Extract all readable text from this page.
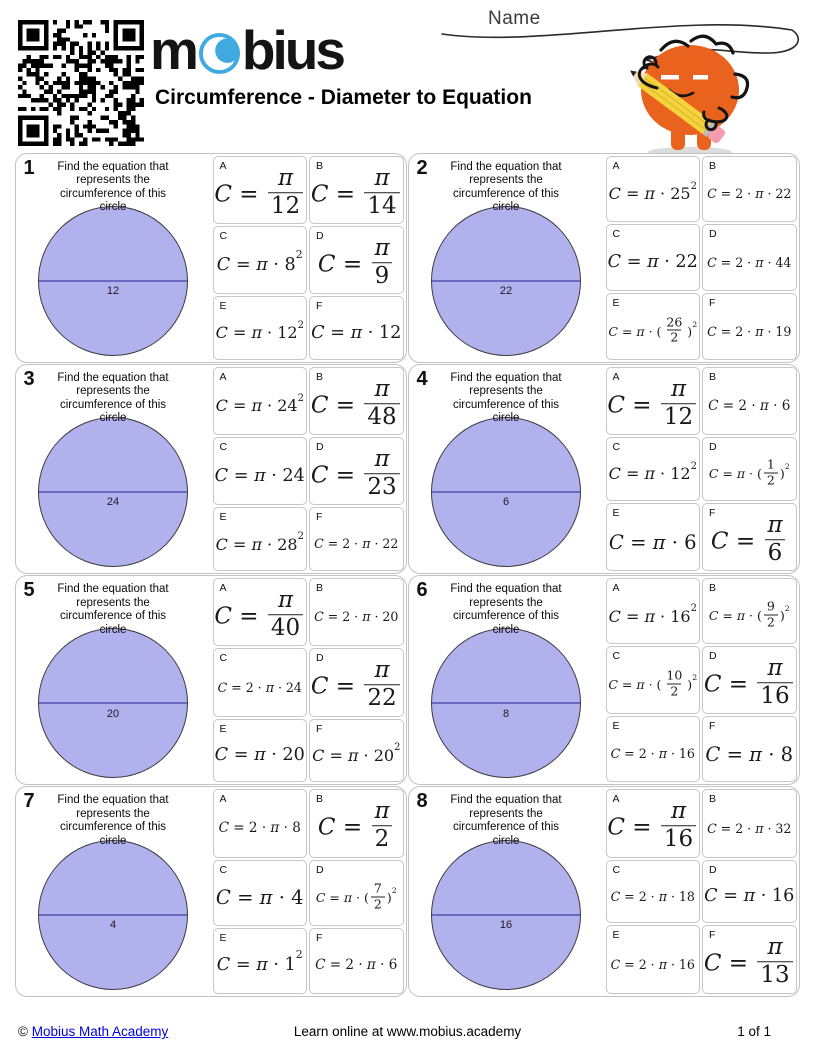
m bius
Circumference - Diameter to Equation
Name
1	Find the equation that
represents the
circumference of this
circle
12
A
$C = \frac{\pi}{12}$ B
$C = \frac{\pi}{14}$
C
$C = \pi \cdot 8^2$
D
$C = \frac{\pi}{9}$
E
$C = \pi \cdot 12^2$
F
C = π · 12
2	Find the equation that
represents the
circumference of this
circle
22
A
$C = \pi \cdot 25^2$
B
C = 2 · π · 22
C
C = π · 22
D
C = 2 · π · 44
E
C = π · ( $\frac{26}{2} )^2$
F
C = 2 · π · 19
3	Find the equation that
represents the
circumference of this
circle
24
A
$C = \pi \cdot 24^2$
B
$C = \frac{\pi}{48}$
C
C = π · 24
D
$C = \frac{\pi}{23}$
E
$C = \pi \cdot 28^2$
F
C = 2 · π · 22
4	Find the equation that
represents the
circumference of this
circle
6
A
$C = \frac{\pi}{12}$ B
C = 2 · π · 6
C
$C = \pi \cdot 12^2$
D
C = π · ( $\frac{1}{2} )^2$
E
C = π · 6
F
$C = \frac{\pi}{6}$
5	Find the equation that
represents the
circumference of this
circle
20
A
$C = \frac{\pi}{40}$ B
C = 2 · π · 20
C
C = 2 · π · 24
D
$C = \frac{\pi}{22}$
E
C = π · 20
F
$C = \pi \cdot 20^2$
6	Find the equation that
represents the
circumference of this
circle
8
A
$C = \pi \cdot 16^2$
B
C = π · ( $\frac{9}{2} )^2$
C
C = π · ( $\frac{10}{2} )^2$
D
$C = \frac{\pi}{16}$
E
C = 2 · π · 16
F
C = π · 8
7	Find the equation that
represents the
circumference of this
circle
4
A
C = 2 · π · 8
B
$C = \frac{\pi}{2}$
C
C = π · 4
D
C = π · ( $\frac{7}{2} )^2$
E
$C = \pi \cdot 1^2$
F
C = 2 · π · 6
8	Find the equation that
represents the
circumference of this
circle
16
A
$C = \frac{\pi}{16}$ B
C = 2 · π · 32
C
C = 2 · π · 18
D
C = π · 16
E
C = 2 · π · 16
F
$C = \frac{\pi}{13}$
© Mobius Math Academy	Learn online at www.mobius.academy	1 of 1
